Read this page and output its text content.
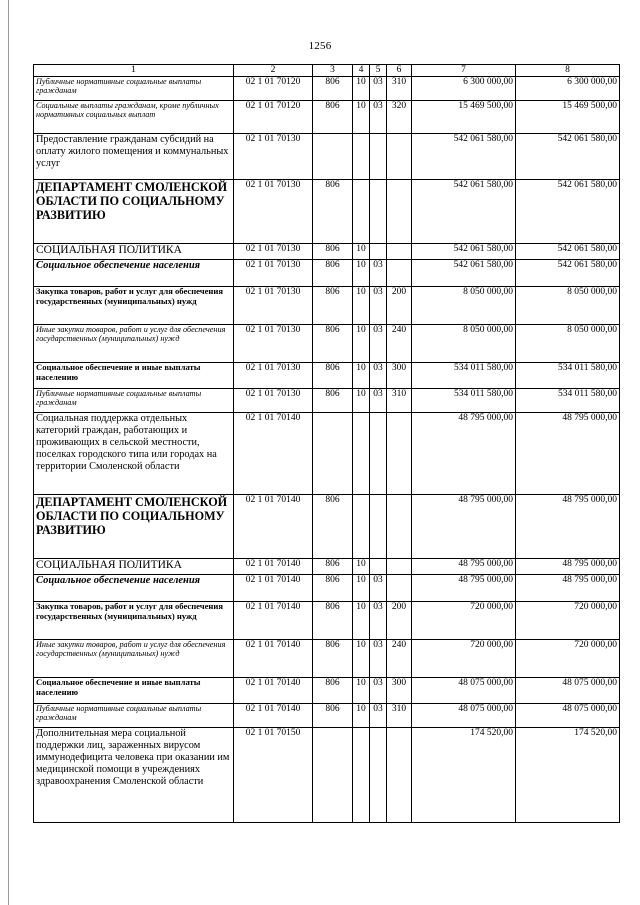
1256
1	2	3	4	5	6	7	8
Публичные нормативные социальные выплаты гражданам	02 1 01 70120	806	10	03	310	6 300 000,00	6 300 000,00
Социальные выплаты гражданам, кроме публичных нормативных социальных выплат	02 1 01 70120	806	10	03	320	15 469 500,00	15 469 500,00
Предоставление гражданам субсидий на оплату жилого помещения и коммунальных услуг	02 1 01 70130					542 061 580,00	542 061 580,00
ДЕПАРТАМЕНТ СМОЛЕНСКОЙ ОБЛАСТИ ПО СОЦИАЛЬНОМУ РАЗВИТИЮ	02 1 01 70130	806				542 061 580,00	542 061 580,00
СОЦИАЛЬНАЯ ПОЛИТИКА	02 1 01 70130	806	10			542 061 580,00	542 061 580,00
Социальное обеспечение населения	02 1 01 70130	806	10	03		542 061 580,00	542 061 580,00
Закупка товаров, работ и услуг для обеспечения государственных (муниципальных) нужд	02 1 01 70130	806	10	03	200	8 050 000,00	8 050 000,00
Иные закупки товаров, работ и услуг для обеспечения государственных (муниципальных) нужд	02 1 01 70130	806	10	03	240	8 050 000,00	8 050 000,00
Социальное обеспечение и иные выплаты населению	02 1 01 70130	806	10	03	300	534 011 580,00	534 011 580,00
Публичные нормативные социальные выплаты гражданам	02 1 01 70130	806	10	03	310	534 011 580,00	534 011 580,00
Социальная поддержка отдельных категорий граждан, работающих и проживающих в сельской местности, поселках городского типа или городах на территории Смоленской области	02 1 01 70140					48 795 000,00	48 795 000,00
ДЕПАРТАМЕНТ СМОЛЕНСКОЙ ОБЛАСТИ ПО СОЦИАЛЬНОМУ РАЗВИТИЮ	02 1 01 70140	806				48 795 000,00	48 795 000,00
СОЦИАЛЬНАЯ ПОЛИТИКА	02 1 01 70140	806	10			48 795 000,00	48 795 000,00
Социальное обеспечение населения	02 1 01 70140	806	10	03		48 795 000,00	48 795 000,00
Закупка товаров, работ и услуг для обеспечения государственных (муниципальных) нужд	02 1 01 70140	806	10	03	200	720 000,00	720 000,00
Иные закупки товаров, работ и услуг для обеспечения государственных (муниципальных) нужд	02 1 01 70140	806	10	03	240	720 000,00	720 000,00
Социальное обеспечение и иные выплаты населению	02 1 01 70140	806	10	03	300	48 075 000,00	48 075 000,00
Публичные нормативные социальные выплаты гражданам	02 1 01 70140	806	10	03	310	48 075 000,00	48 075 000,00
Дополнительная мера социальной поддержки лиц, зараженных вирусом иммунодефицита человека при оказании им медицинской помощи в учреждениях здравоохранения Смоленской области	02 1 01 70150					174 520,00	174 520,00
